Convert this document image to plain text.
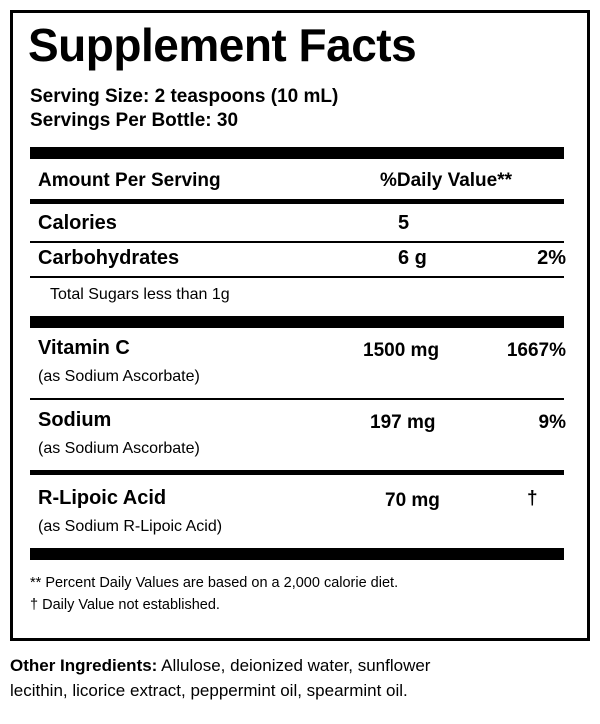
Supplement Facts
Serving Size: 2 teaspoons (10 mL)
Servings Per Bottle: 30
Amount Per Serving	%Daily Value**
Calories	5
Carbohydrates	6 g	2%
Total Sugars less than 1g
Vitamin C	1500 mg	1667%
(as Sodium Ascorbate)
Sodium	197 mg	9%
(as Sodium Ascorbate)
R-Lipoic Acid	70 mg	†
(as Sodium R-Lipoic Acid)
** Percent Daily Values are based on a 2,000 calorie diet.
† Daily Value not established.
Other Ingredients: Allulose, deionized water, sunflower
lecithin, licorice extract, peppermint oil, spearmint oil.
